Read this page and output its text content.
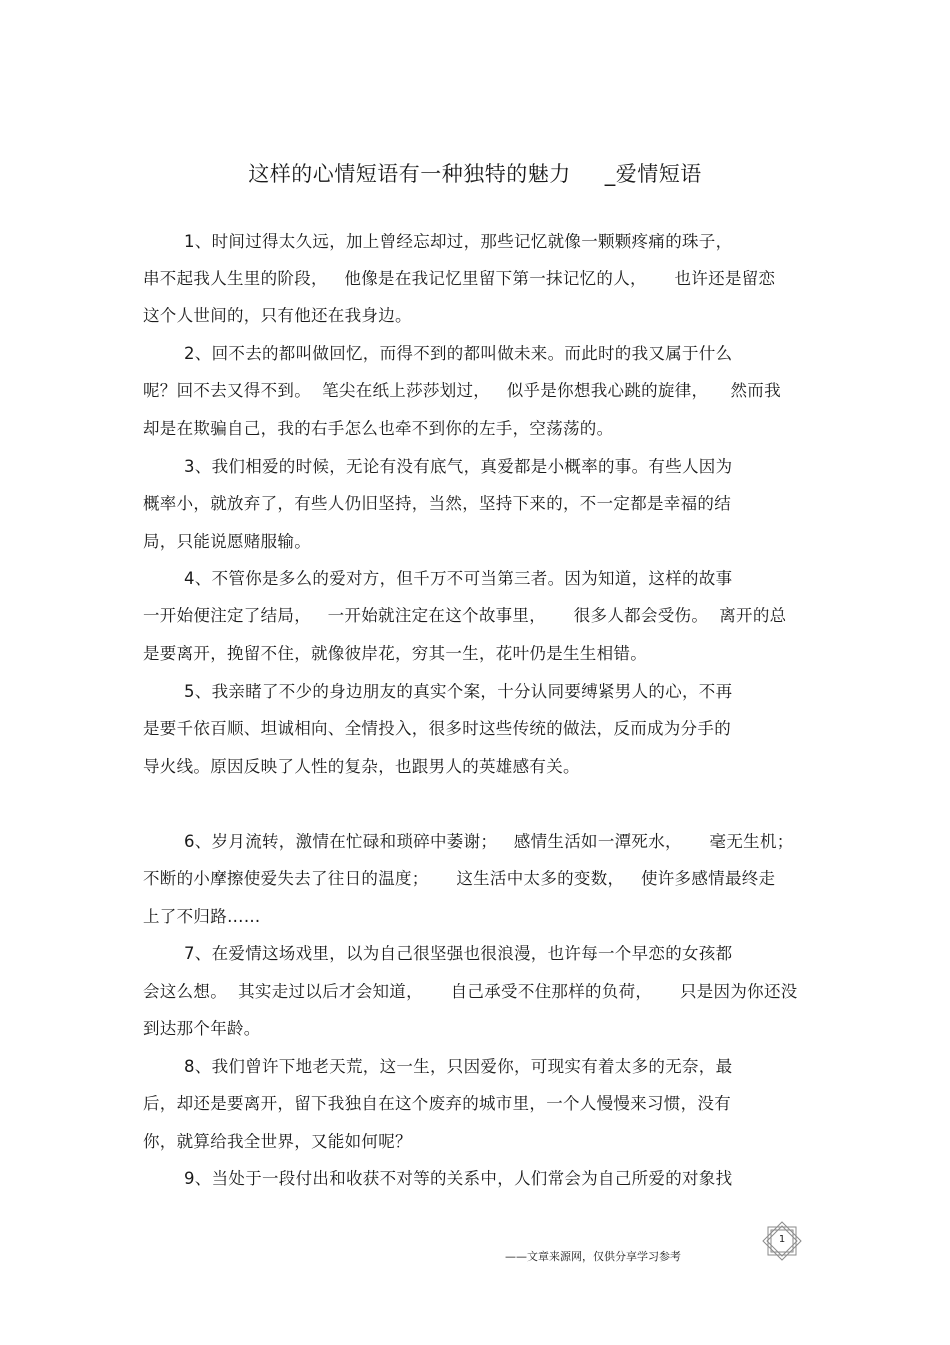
这样的心情短语有一种独特的魅力 _爱情短语
1、时间过得太久远，加上曾经忘却过，那些记忆就像一颗颗疼痛的珠子，
串不起我人生里的阶段，   他像是在我记忆里留下第一抹记忆的人，     也许还是留恋
这个人世间的，只有他还在我身边。
2、回不去的都叫做回忆，而得不到的都叫做未来。而此时的我又属于什么
呢？回不去又得不到。  笔尖在纸上莎莎划过，   似乎是你想我心跳的旋律，    然而我
却是在欺骗自己，我的右手怎么也牵不到你的左手，空荡荡的。
3、我们相爱的时候，无论有没有底气，真爱都是小概率的事。有些人因为
概率小，就放弃了，有些人仍旧坚持，当然，坚持下来的，不一定都是幸福的结
局，只能说愿赌服输。
4、不管你是多么的爱对方，但千万不可当第三者。因为知道，这样的故事
一开始便注定了结局，   一开始就注定在这个故事里，     很多人都会受伤。  离开的总
是要离开，挽留不住，就像彼岸花，穷其一生，花叶仍是生生相错。
5、我亲睹了不少的身边朋友的真实个案，十分认同要缚紧男人的心，不再
是要千依百顺、坦诚相向、全情投入，很多时这些传统的做法，反而成为分手的
导火线。原因反映了人性的复杂，也跟男人的英雄感有关。
6、岁月流转，激情在忙碌和琐碎中萎谢；   感情生活如一潭死水，     毫无生机；
不断的小摩擦使爱失去了往日的温度；     这生活中太多的变数，   使许多感情最终走
上了不归路……
7、在爱情这场戏里，以为自己很坚强也很浪漫，也许每一个早恋的女孩都
会这么想。  其实走过以后才会知道，     自己承受不住那样的负荷，     只是因为你还没
到达那个年龄。
8、我们曾许下地老天荒，这一生，只因爱你，可现实有着太多的无奈，最
后，却还是要离开，留下我独自在这个废弃的城市里，一个人慢慢来习惯，没有
你，就算给我全世界，又能如何呢？
9、当处于一段付出和收获不对等的关系中，人们常会为自己所爱的对象找
——文章来源网，仅供分享学习参考
1
